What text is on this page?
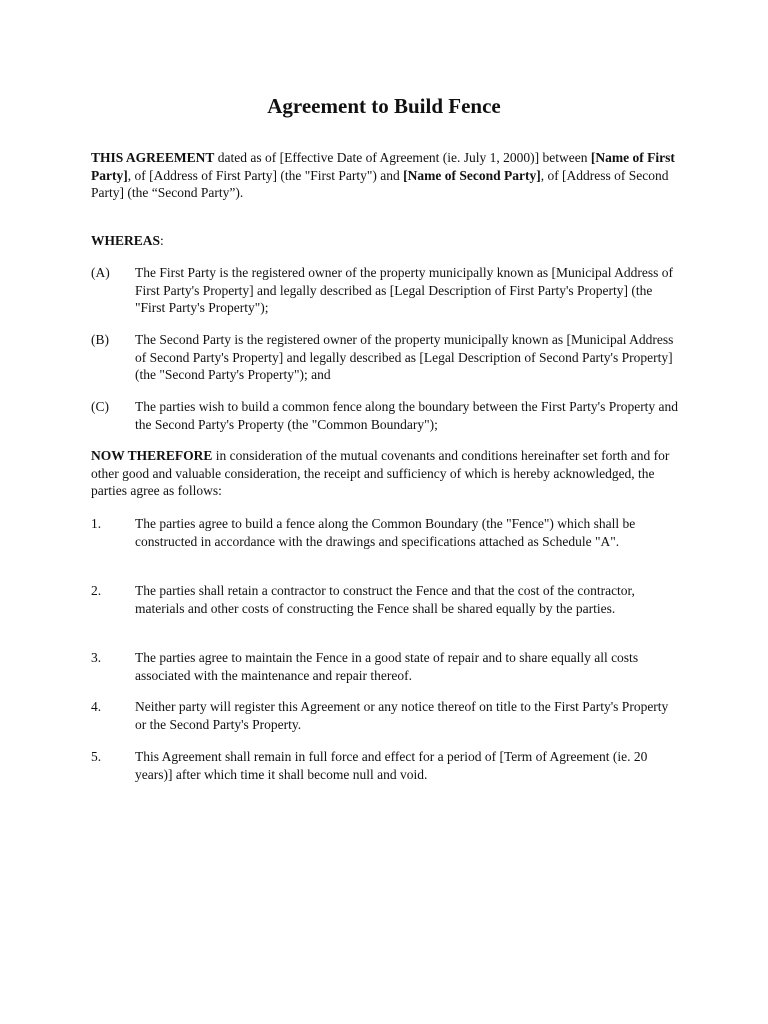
Agreement to Build Fence

THIS AGREEMENT dated as of [Effective Date of Agreement (ie. July 1, 2000)] between [Name of First Party], of [Address of First Party] (the "First Party") and [Name of Second Party], of [Address of Second Party] (the “Second Party”).

WHEREAS:

(A)	The First Party is the registered owner of the property municipally known as [Municipal Address of First Party's Property] and legally described as [Legal Description of First Party's Property] (the "First Party's Property");
(B)	The Second Party is the registered owner of the property municipally known as [Municipal Address of Second Party's Property] and legally described as [Legal Description of Second Party's Property] (the "Second Party's Property"); and
(C)	The parties wish to build a common fence along the boundary between the First Party's Property and the Second Party's Property (the "Common Boundary");

NOW THEREFORE in consideration of the mutual covenants and conditions hereinafter set forth and for other good and valuable consideration, the receipt and sufficiency of which is hereby acknowledged, the parties agree as follows:

1.	The parties agree to build a fence along the Common Boundary (the "Fence") which shall be constructed in accordance with the drawings and specifications attached as Schedule "A".
2.	The parties shall retain a contractor to construct the Fence and that the cost of the contractor, materials and other costs of constructing the Fence shall be shared equally by the parties.
3.	The parties agree to maintain the Fence in a good state of repair and to share equally all costs associated with the maintenance and repair thereof.
4.	Neither party will register this Agreement or any notice thereof on title to the First Party's Property or the Second Party's Property.
5.	This Agreement shall remain in full force and effect for a period of [Term of Agreement (ie. 20 years)] after which time it shall become null and void.
